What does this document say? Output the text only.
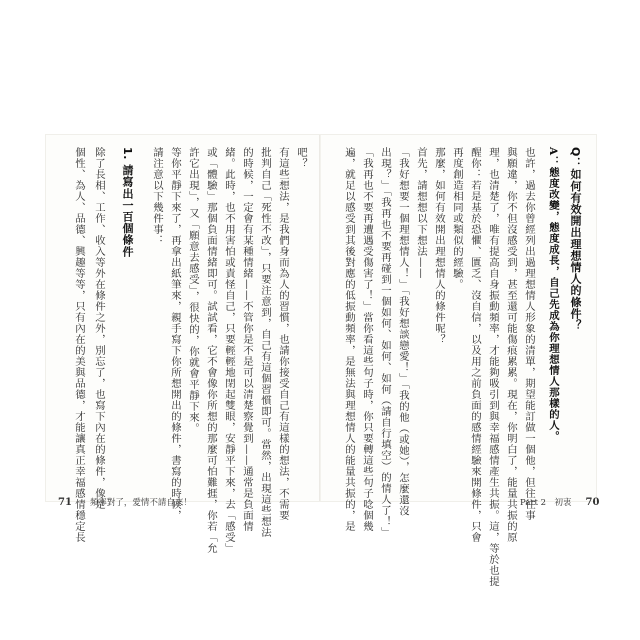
Q：如何有效開出理想情人的條件？
A：態度改變，態度成長，自己先成為你理想情人那樣的人。
也許，過去你曾經列出過理想情人形象的清單，期望能訂做一個他，但往往事
與願違，你不但沒感受到，甚至還可能傷痕累累。現在，你明白了，能量共振的原
理，也清楚了，唯有提高自身振動頻率，才能夠吸引到與幸福感情產生共振。這，等於也提
醒你：若是基於恐懼、匱乏、沒自信，以及用之前負面的感情經驗來開條件，只會
再度創造相同或類似的經驗。
那麼，如何有效開出理想情人的條件呢？
首先，請想想以下想法——
「我好想要一個理想情人！」「我好想談戀愛！」「我的他（或她），怎麼還沒
出現？」「我再也不要再碰到一個如何、如何、如何（請自行填空）的情人了！」
「我再也不要再遭遇受傷害了！」當你看這些句子時，你只要轉這些句子唸個幾
遍，就足以感受到其後對應的低振動頻率，是無法與理想情人的能量共振的，是
吧？
有這些想法，是我們身而為人的習慣，也請你接受自己有這樣的想法，不需要
批判自己「死性不改」，只要注意到，自己有這個習慣即可。當然，出現這些想法
的時候，一定會有某種情緒——不管你是不是可以清楚察覺到——通常是負面情
緒。此時，也不用害怕或責怪自己，只要輕輕地閉起雙眼，安靜平下來，去「感受」
或「體驗」那個負面情緒即可。試試看，它不會像你所想的那麼可怕難捱，你若「允
許它出現」，又「願意去感受」，很快的，你就會平靜下來。
等你平靜下來了，再拿出紙筆來，親手寫下你所想開出的條件，書寫的時候，
請注意以下幾件事：
1. 請寫出一百個條件
除了長相、工作、收入等外在條件之外，別忘了，也寫下內在的條件，像是
個性、為人、品德、興趣等等，只有內在的美與品德，才能讓真正幸福感情穩定長
71 頻率對了，愛情不請自來！	Part 2　初衷 70
